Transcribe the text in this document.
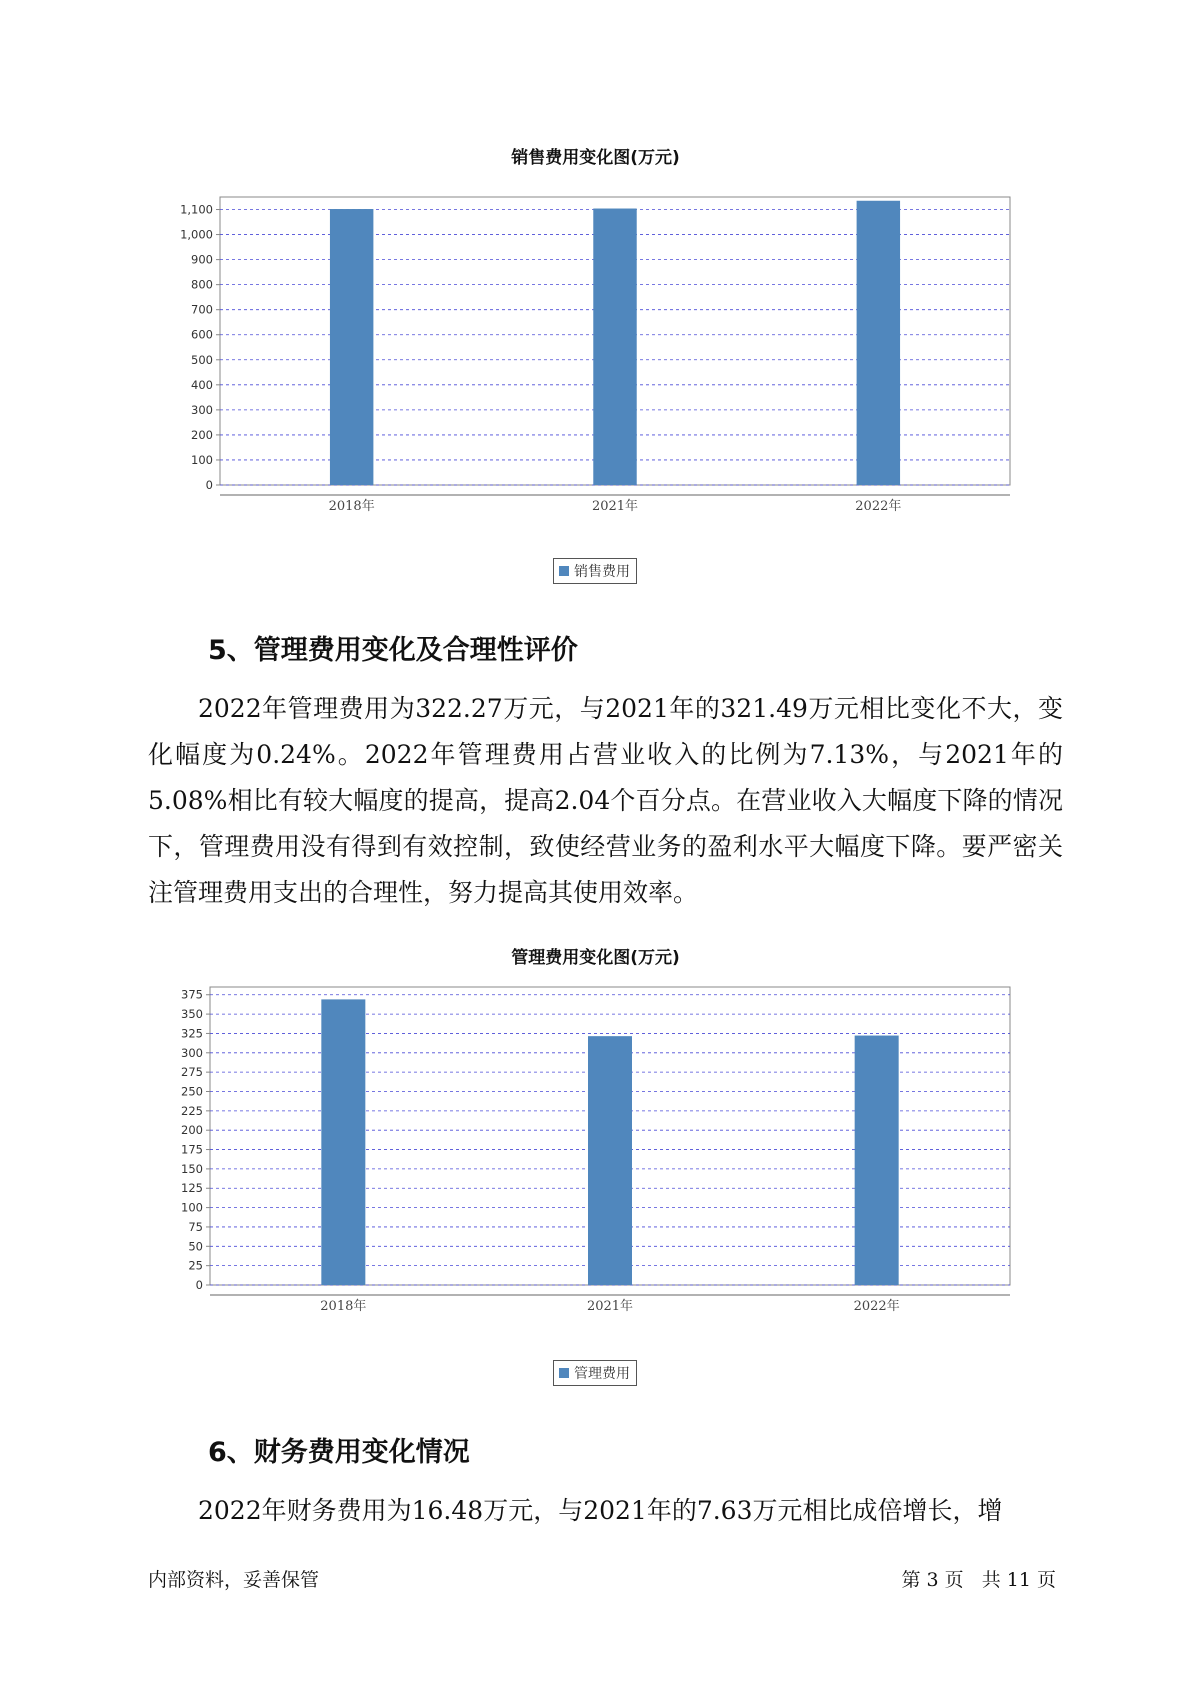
销售费用变化图(万元)
0
100
200
300
400
500
600
700
800
900
1,000
1,100
2018年	2021年	2022年
销售费用
5、管理费用变化及合理性评价

2022年管理费用为322.27万元，与2021年的321.49万元相比变化不大，变化幅度为0.24%。2022年管理费用占营业收入的比例为7.13%，与2021年的5.08%相比有较大幅度的提高，提高2.04个百分点。在营业收入大幅度下降的情况下，管理费用没有得到有效控制，致使经营业务的盈利水平大幅度下降。要严密关注管理费用支出的合理性，努力提高其使用效率。

管理费用变化图(万元)
0
25
50
75
100
125
150
175
200
225
250
275
300
325
350
375
2018年	2021年	2022年
管理费用
6、财务费用变化情况

2022年财务费用为16.48万元，与2021年的7.63万元相比成倍增长，增

内部资料，妥善保管	第 3 页   共 11 页
